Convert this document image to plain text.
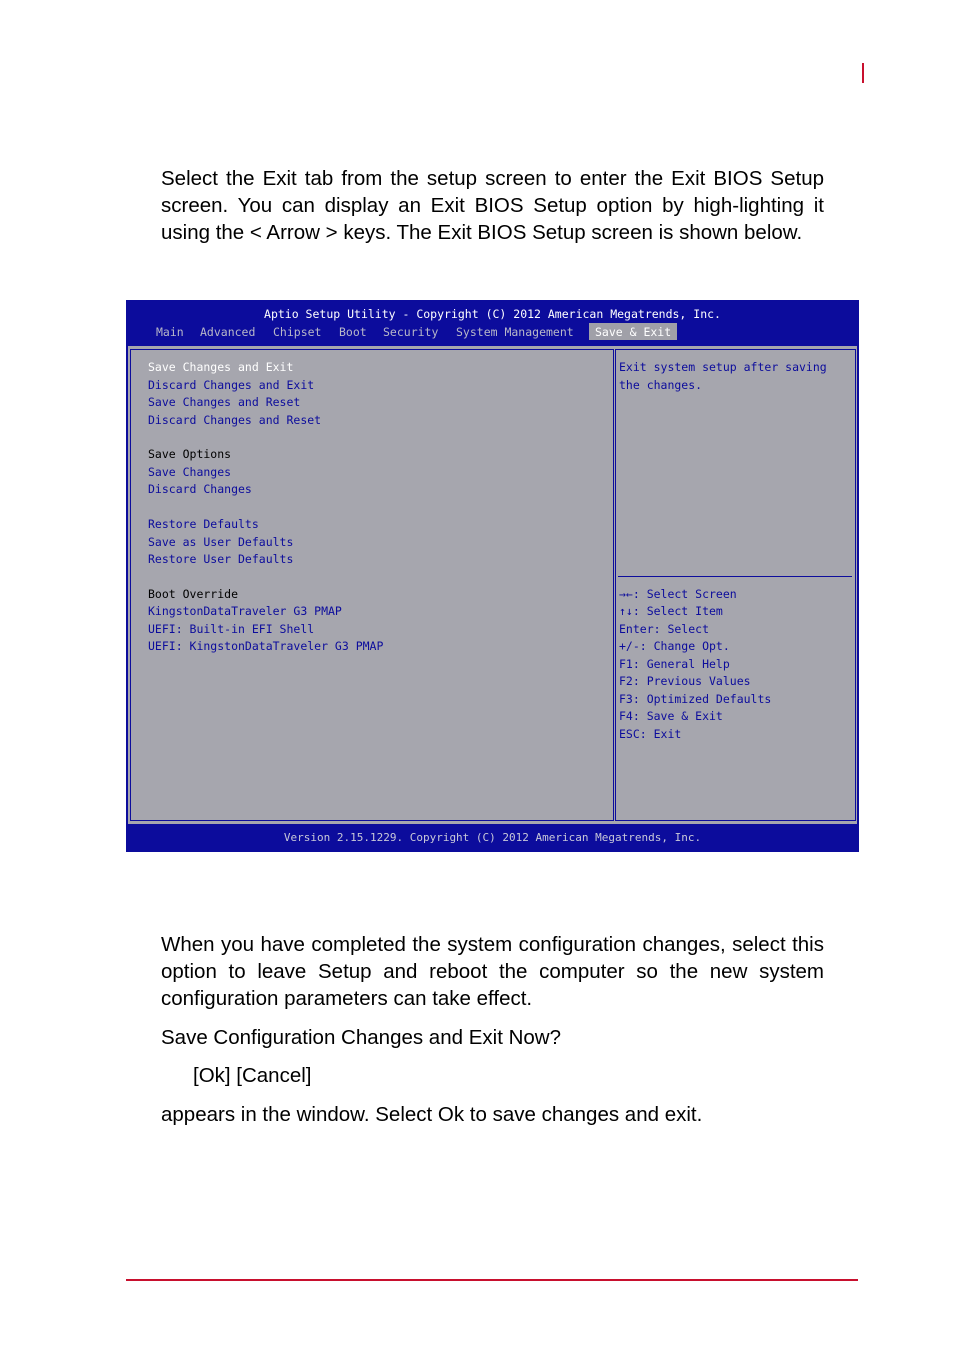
Select the Exit tab from the setup screen to enter the Exit BIOS Setup screen. You can display an Exit BIOS Setup option by high-lighting it using the < Arrow > keys. The Exit BIOS Setup screen is shown below.

Aptio Setup Utility - Copyright (C) 2012 American Megatrends, Inc.
Main Advanced Chipset Boot Security System Management	Save & Exit
Save Changes and Exit
Discard Changes and Exit
Save Changes and Reset
Discard Changes and Reset
Save Options
Save Changes
Discard Changes
Restore Defaults
Save as User Defaults
Restore User Defaults
Boot Override
KingstonDataTraveler G3 PMAP
UEFI: Built-in EFI Shell
UEFI: KingstonDataTraveler G3 PMAP
Exit system setup after saving
the changes.
→←: Select Screen
↑↓: Select Item
Enter: Select
+/-: Change Opt.
F1: General Help
F2: Previous Values
F3: Optimized Defaults
F4: Save & Exit
ESC: Exit
Version 2.15.1229. Copyright (C) 2012 American Megatrends, Inc.

When you have completed the system configuration changes, select this option to leave Setup and reboot the computer so the new system configuration parameters can take effect.

Save Configuration Changes and Exit Now?

[Ok] [Cancel]

appears in the window. Select Ok to save changes and exit.
